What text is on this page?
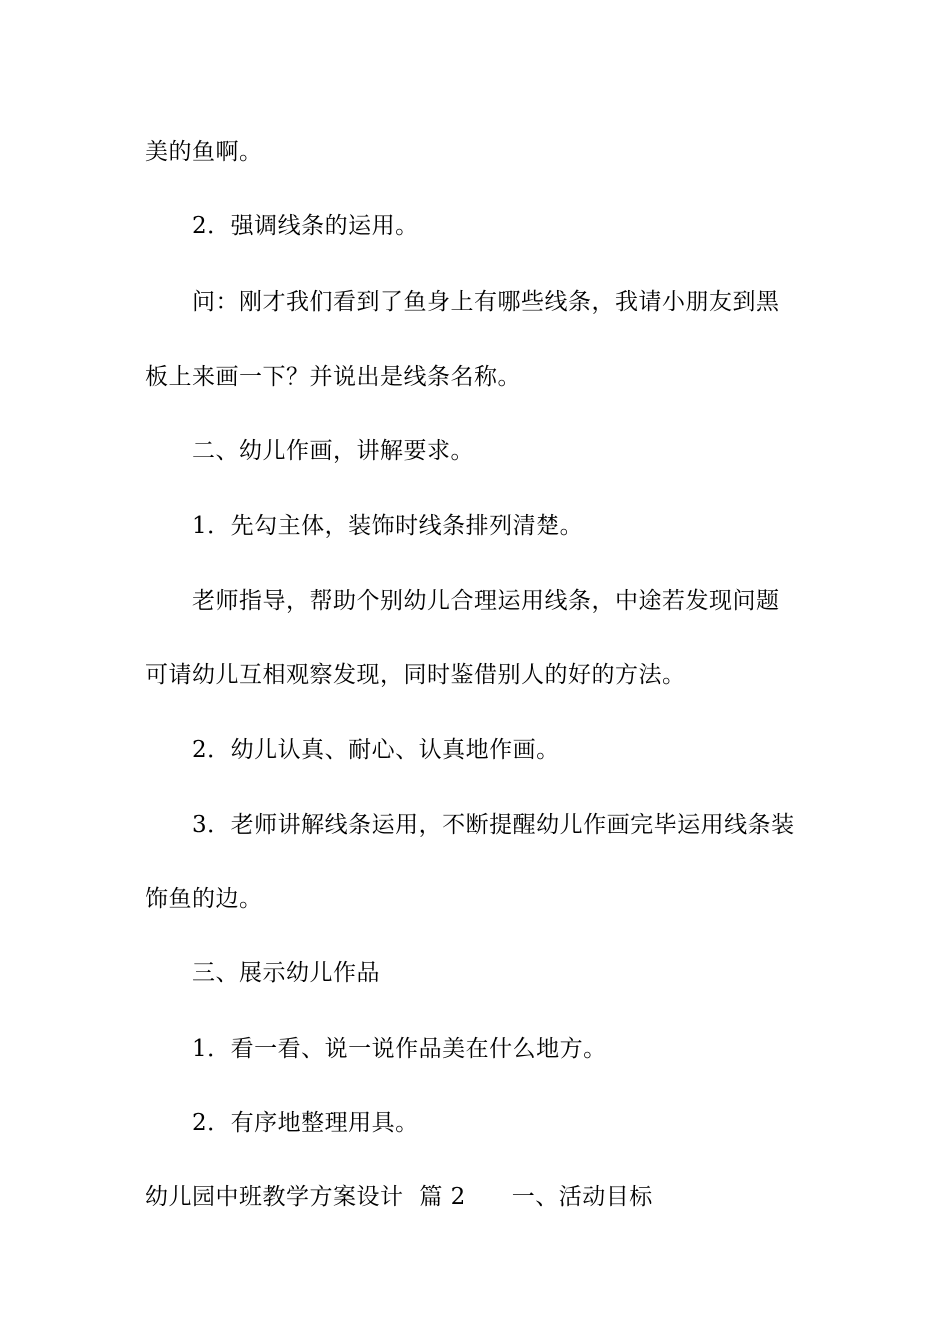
美的鱼啊。
2．强调线条的运用。
问：刚才我们看到了鱼身上有哪些线条，我请小朋友到黑
板上来画一下？并说出是线条名称。
二、幼儿作画，讲解要求。
1．先勾主体，装饰时线条排列清楚。
老师指导，帮助个别幼儿合理运用线条，中途若发现问题
可请幼儿互相观察发现，同时鉴借别人的好的方法。
2．幼儿认真、耐心、认真地作画。
3．老师讲解线条运用，不断提醒幼儿作画完毕运用线条装
饰鱼的边。
三、展示幼儿作品
1．看一看、说一说作品美在什么地方。
2．有序地整理用具。
幼儿园中班教学方案设计 篇 2 一、活动目标
